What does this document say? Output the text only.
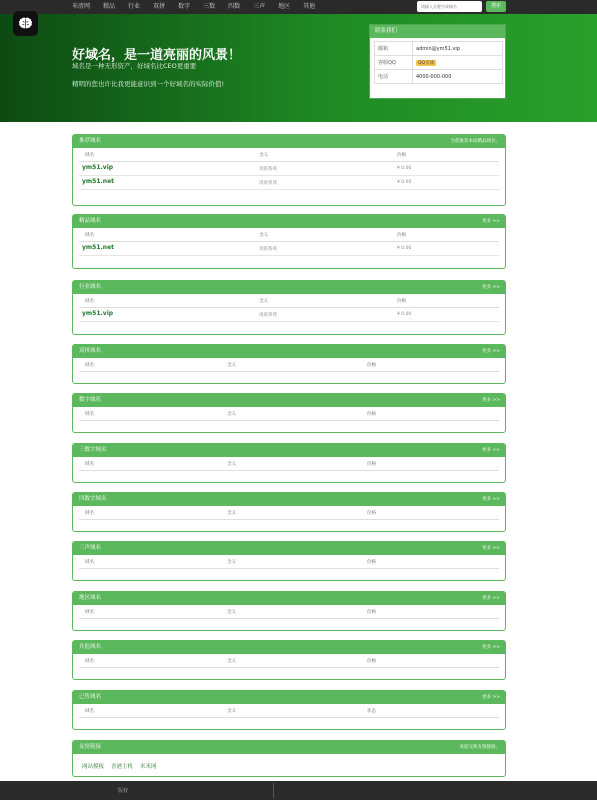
米渣网 精品 行业 双拼 数字 三数 四数 三声 地区 其他
请输入关键字或域名	搜索
好域名，是一道亮丽的风景！
域名是一种无形资产，好域名比CEO更重要
精明的您也许比我更能意识到一个好域名的实际价值!
联系我们
邮箱	admin@ym51.vip
客服QQ	QQ交谈
电话	4000-000-000
推荐域名	为您推荐本站精品域名。
域名	含义	价格
ym51.vip	请联系我	¥ 0.00
ym51.net	请联系我	¥ 0.00
精品域名	更多 >>
域名	含义	价格
ym51.net	请联系我	¥ 0.00
行业域名	更多 >>
域名	含义	价格
ym51.vip	请联系我	¥ 0.00
双拼域名	更多 >>
域名	含义	价格
数字域名	更多 >>
域名	含义	价格
三数字域名	更多 >>
域名	含义	价格
四数字域名	更多 >>
域名	含义	价格
三声域名	更多 >>
域名	含义	价格
地区域名	更多 >>
域名	含义	价格
其他域名	更多 >>
域名	含义	价格
已售域名	更多 >>
域名	含义	状态
友情链接	欢迎交换友情链接。
网站模板 香港主机 米米网
版权
